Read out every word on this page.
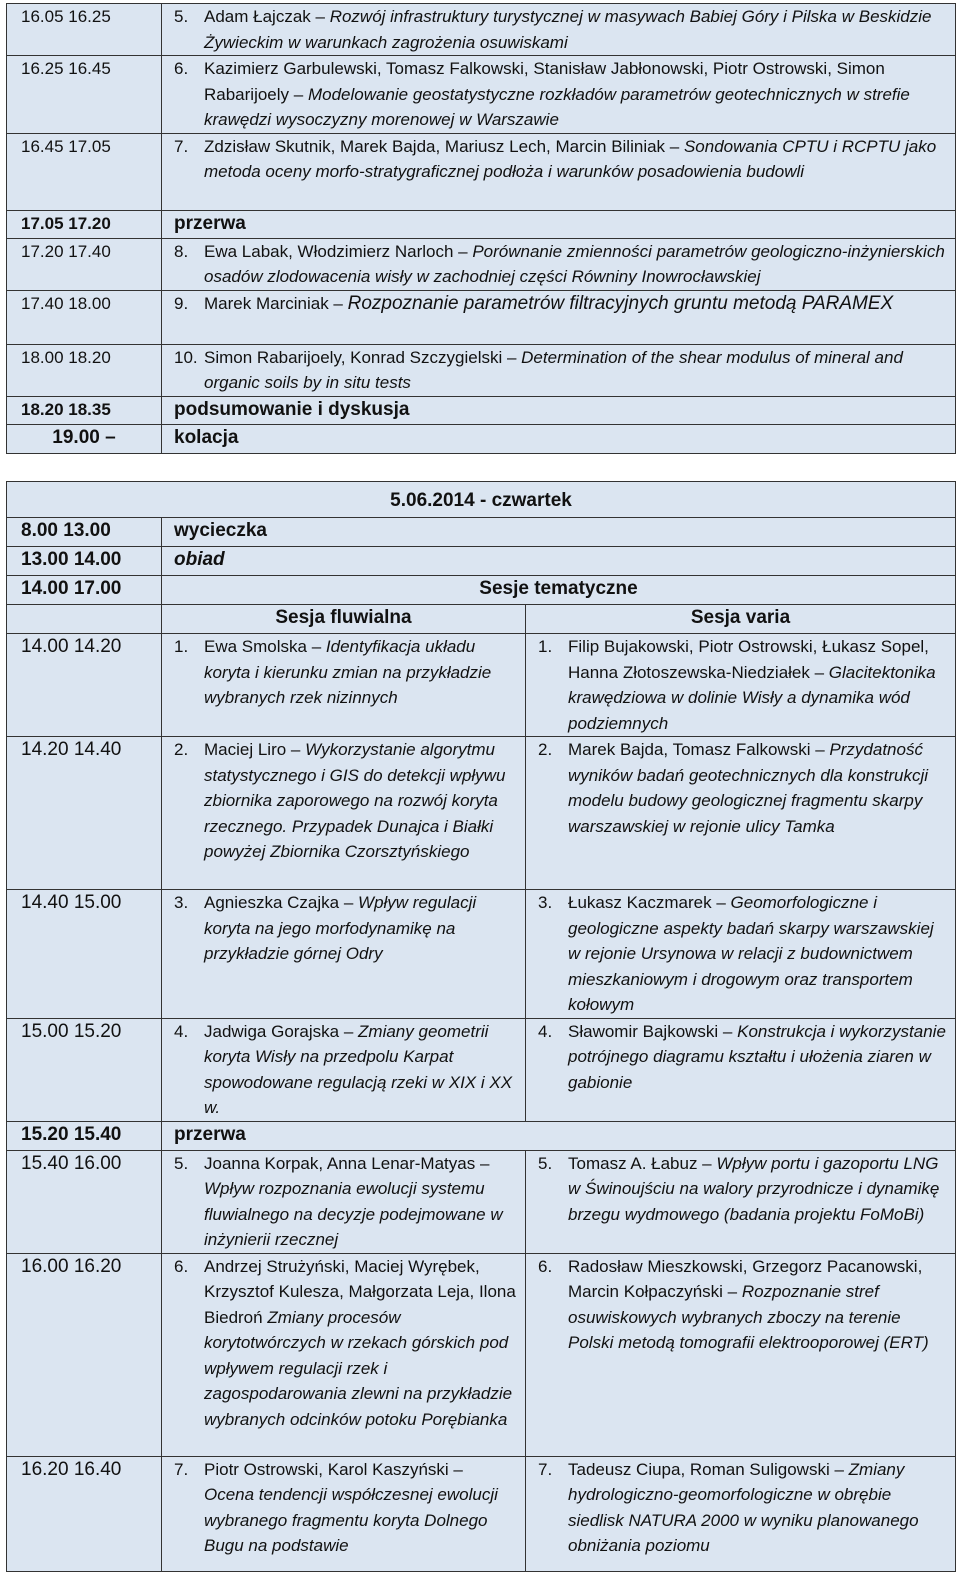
16.05 16.25	5. Adam Łajczak – Rozwój infrastruktury turystycznej w masywach Babiej Góry i Pilska w Beskidzie Żywieckim w warunkach zagrożenia osuwiskami

16.25 16.45	6. Kazimierz Garbulewski, Tomasz Falkowski, Stanisław Jabłonowski, Piotr Ostrowski, Simon Rabarijoely – Modelowanie geostatystyczne rozkładów parametrów geotechnicznych w strefie krawędzi wysoczyzny morenowej w Warszawie

16.45 17.05	7. Zdzisław Skutnik, Marek Bajda, Mariusz Lech, Marcin Biliniak – Sondowania CPTU i RCPTU jako metoda oceny morfo-stratygraficznej podłoża i warunków posadowienia budowli

17.05 17.20	przerwa

17.20 17.40	8. Ewa Labak, Włodzimierz Narloch – Porównanie zmienności parametrów geologiczno-inżynierskich osadów zlodowacenia wisły w zachodniej części Równiny Inowrocławskiej

17.40 18.00	9. Marek Marciniak – Rozpoznanie parametrów filtracyjnych gruntu metodą PARAMEX

18.00 18.20	10. Simon Rabarijoely, Konrad Szczygielski – Determination of the shear modulus of mineral and organic soils by in situ tests

18.20 18.35	podsumowanie i dyskusja

19.00 –	kolacja
5.06.2014 - czwartek		
8.00 13.00	wycieczka	

13.00 14.00	obiad	

14.00 17.00	Sesje tematyczne	
	Sesja fluwialna	Sesja varia
14.00 14.20	1. Ewa Smolska – Identyfikacja układu koryta i kierunku zmian na przykładzie wybranych rzek nizinnych	1. Filip Bujakowski, Piotr Ostrowski, Łukasz Sopel, Hanna Złotoszewska-Niedziałek – Glacitektonika krawędziowa w dolinie Wisły a dynamika wód podziemnych

14.20 14.40	2. Maciej Liro – Wykorzystanie algorytmu statystycznego i GIS do detekcji wpływu zbiornika zaporowego na rozwój koryta rzecznego. Przypadek Dunajca i Białki powyżej Zbiornika Czorsztyńskiego	2. Marek Bajda, Tomasz Falkowski – Przydatność wyników badań geotechnicznych dla konstrukcji modelu budowy geologicznej fragmentu skarpy warszawskiej w rejonie ulicy Tamka

14.40 15.00	3. Agnieszka Czajka – Wpływ regulacji koryta na jego morfodynamikę na przykładzie górnej Odry	3. Łukasz Kaczmarek – Geomorfologiczne i geologiczne aspekty badań skarpy warszawskiej w rejonie Ursynowa w relacji z budownictwem mieszkaniowym i drogowym oraz transportem kołowym

15.00 15.20	4. Jadwiga Gorajska – Zmiany geometrii koryta Wisły na przedpolu Karpat spowodowane regulacją rzeki w XIX i XX w.	4. Sławomir Bajkowski – Konstrukcja i wykorzystanie potrójnego diagramu kształtu i ułożenia ziaren w gabionie

15.20 15.40	przerwa	

15.40 16.00	5. Joanna Korpak, Anna Lenar-Matyas – Wpływ rozpoznania ewolucji systemu fluwialnego na decyzje podejmowane w inżynierii rzecznej	5. Tomasz A. Łabuz – Wpływ portu i gazoportu LNG w Świnoujściu na walory przyrodnicze i dynamikę brzegu wydmowego (badania projektu FoMoBi)

16.00 16.20	6. Andrzej Strużyński, Maciej Wyrębek, Krzysztof Kulesza, Małgorzata Leja, Ilona Biedroń Zmiany procesów korytotwórczych w rzekach górskich pod wpływem regulacji rzek i zagospodarowania zlewni na przykładzie wybranych odcinków potoku Porębianka	6. Radosław Mieszkowski, Grzegorz Pacanowski, Marcin Kołpaczyński – Rozpoznanie stref osuwiskowych wybranych zboczy na terenie Polski metodą tomografii elektrooporowej (ERT)

16.20 16.40	7. Piotr Ostrowski, Karol Kaszyński – Ocena tendencji współczesnej ewolucji wybranego fragmentu koryta Dolnego Bugu na podstawie	7. Tadeusz Ciupa, Roman Suligowski – Zmiany hydrologiczno-geomorfologiczne w obrębie siedlisk NATURA 2000 w wyniku planowanego obniżania poziomu
